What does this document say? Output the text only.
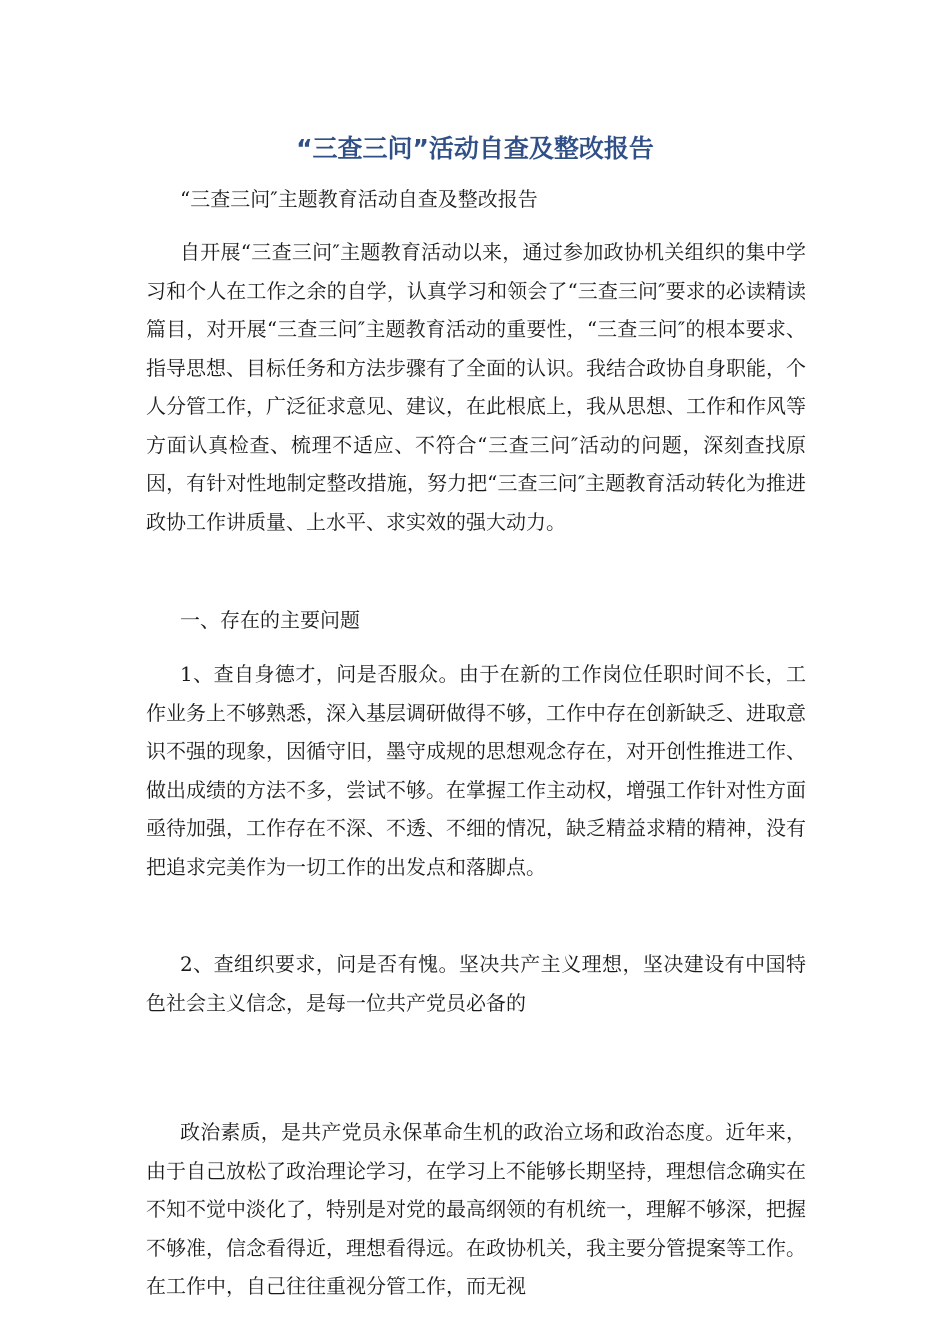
“三查三问”活动自查及整改报告

“三查三问″主题教育活动自查及整改报告

自开展“三查三问″主题教育活动以来，通过参加政协机关组织的集中学习和个人在工作之余的自学，认真学习和领会了“三查三问″要求的必读精读篇目，对开展“三查三问″主题教育活动的重要性，“三查三问″的根本要求、指导思想、目标任务和方法步骤有了全面的认识。我结合政协自身职能，个人分管工作，广泛征求意见、建议，在此根底上，我从思想、工作和作风等方面认真检查、梳理不适应、不符合“三查三问″活动的问题，深刻查找原因，有针对性地制定整改措施，努力把“三查三问″主题教育活动转化为推进政协工作讲质量、上水平、求实效的强大动力。

一、存在的主要问题

1、查自身德才，问是否服众。由于在新的工作岗位任职时间不长，工作业务上不够熟悉，深入基层调研做得不够，工作中存在创新缺乏、进取意识不强的现象，因循守旧，墨守成规的思想观念存在，对开创性推进工作、做出成绩的方法不多，尝试不够。在掌握工作主动权，增强工作针对性方面亟待加强，工作存在不深、不透、不细的情况，缺乏精益求精的精神，没有把追求完美作为一切工作的出发点和落脚点。

2、查组织要求，问是否有愧。坚决共产主义理想，坚决建设有中国特色社会主义信念，是每一位共产党员必备的

政治素质，是共产党员永保革命生机的政治立场和政治态度。近年来，由于自己放松了政治理论学习，在学习上不能够长期坚持，理想信念确实在不知不觉中淡化了，特别是对党的最高纲领的有机统一，理解不够深，把握不够准，信念看得近，理想看得远。在政协机关，我主要分管提案等工作。在工作中，自己往往重视分管工作，而无视
